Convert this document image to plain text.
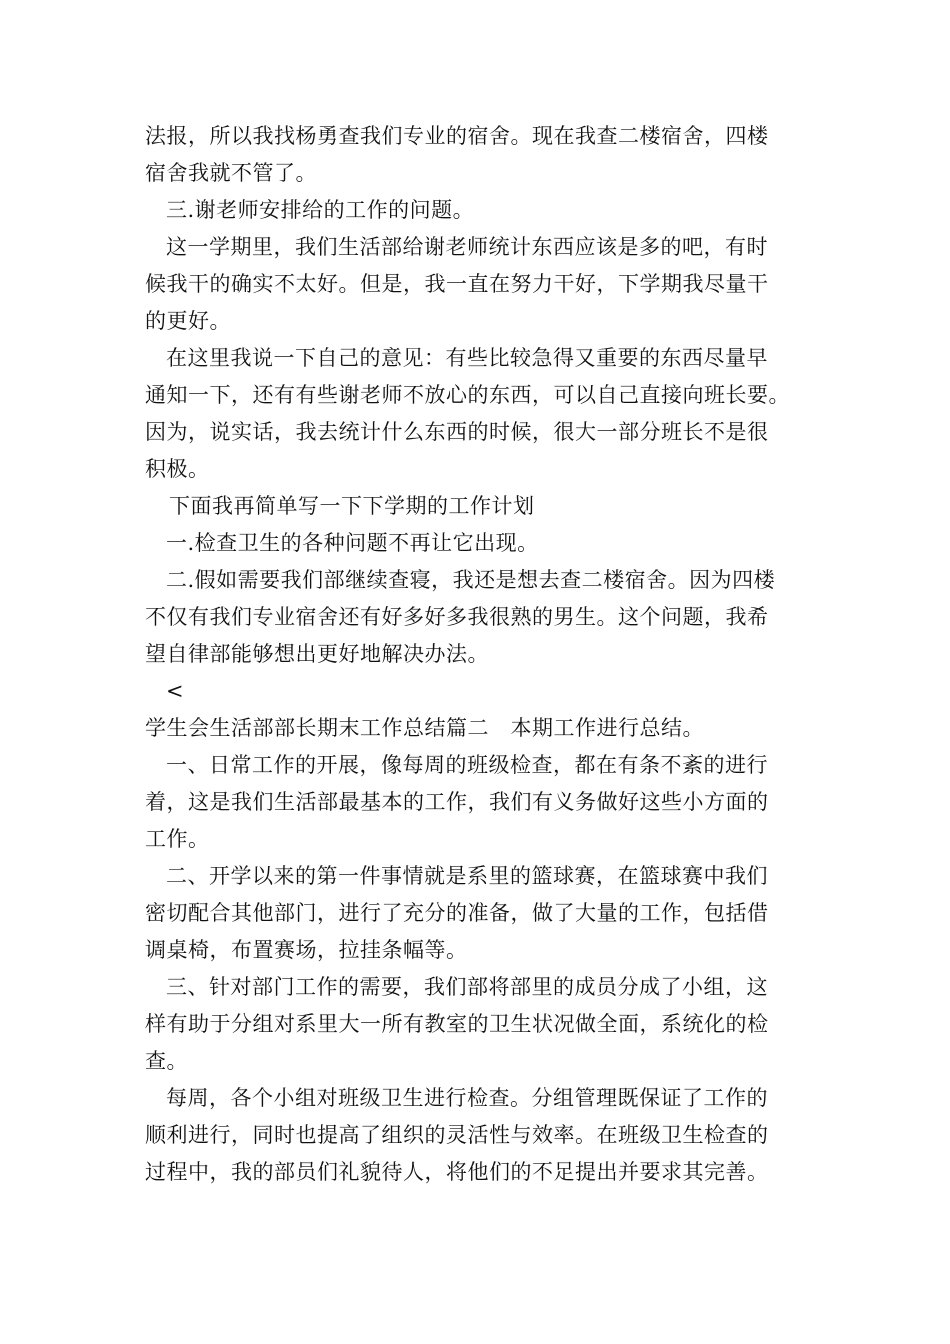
法报，所以我找杨勇查我们专业的宿舍。现在我查二楼宿舍，四楼
宿舍我就不管了。
三.谢老师安排给的工作的问题。
这一学期里，我们生活部给谢老师统计东西应该是多的吧，有时
候我干的确实不太好。但是，我一直在努力干好，下学期我尽量干
的更好。
在这里我说一下自己的意见：有些比较急得又重要的东西尽量早
通知一下，还有有些谢老师不放心的东西，可以自己直接向班长要。
因为，说实话，我去统计什么东西的时候，很大一部分班长不是很
积极。
下面我再简单写一下下学期的工作计划
一.检查卫生的各种问题不再让它出现。
二.假如需要我们部继续查寝，我还是想去查二楼宿舍。因为四楼
不仅有我们专业宿舍还有好多好多我很熟的男生。这个问题，我希
望自律部能够想出更好地解决办法。
<
学生会生活部部长期末工作总结篇二　本期工作进行总结。
一、日常工作的开展，像每周的班级检查，都在有条不紊的进行
着，这是我们生活部最基本的工作，我们有义务做好这些小方面的
工作。
二、开学以来的第一件事情就是系里的篮球赛，在篮球赛中我们
密切配合其他部门，进行了充分的准备，做了大量的工作，包括借
调桌椅，布置赛场，拉挂条幅等。
三、针对部门工作的需要，我们部将部里的成员分成了小组，这
样有助于分组对系里大一所有教室的卫生状况做全面，系统化的检
查。
每周，各个小组对班级卫生进行检查。分组管理既保证了工作的
顺利进行，同时也提高了组织的灵活性与效率。在班级卫生检查的
过程中，我的部员们礼貌待人，将他们的不足提出并要求其完善。
